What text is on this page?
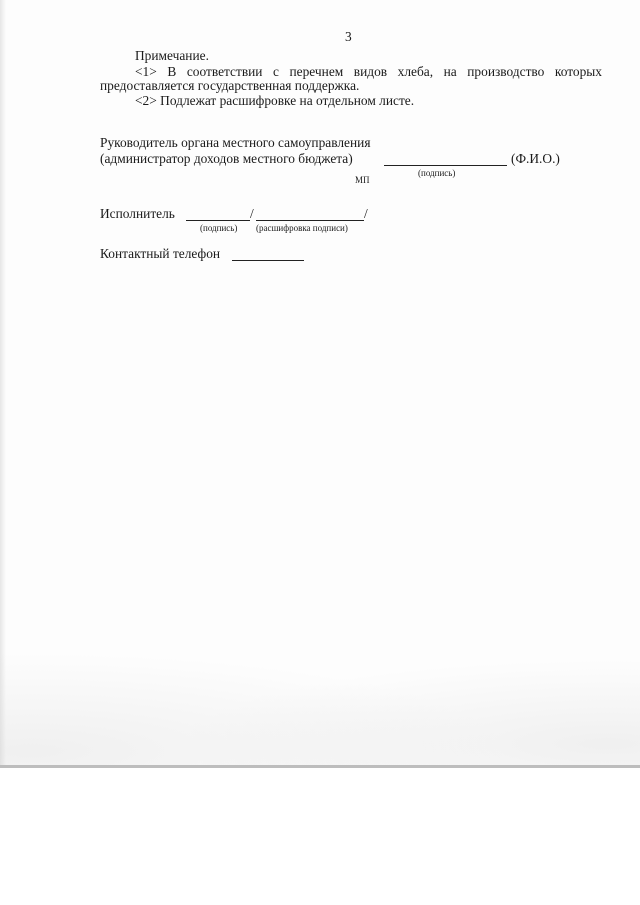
3
Примечание.
<1> В соответствии с перечнем видов хлеба, на производство которых
предоставляется государственная поддержка.
<2> Подлежат расшифровке на отдельном листе.
Руководитель органа местного самоуправления
(администратор доходов местного бюджета)	(Ф.И.О.)
(подпись)
МП
Исполнитель	/	/
(подпись) (расшифровка подписи)
Контактный телефон
